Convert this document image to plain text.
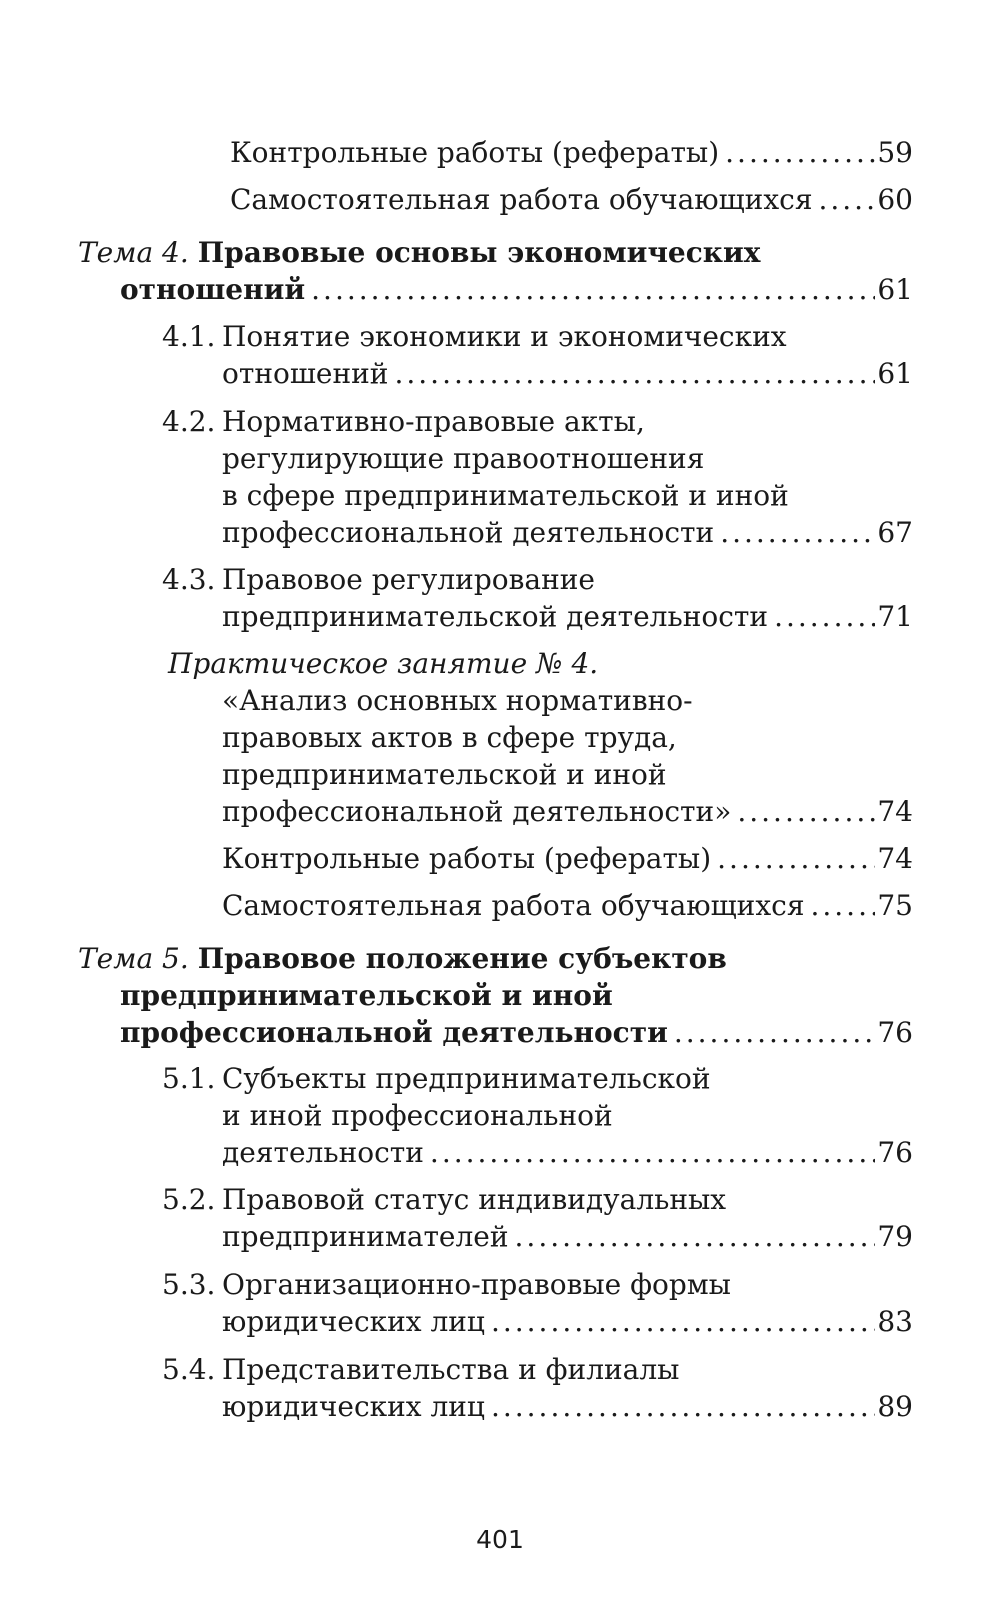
Контрольные работы (рефераты) .....	59
Самостоятельная работа обучающихся ..... 60
Тема 4. Правовые основы экономических
отношений .....	61
4.1. Понятие экономики и экономических
отношений .....	61
4.2. Нормативно-правовые акты,
регулирующие правоотношения
в сфере предпринимательской и иной
профессиональной деятельности .....	67
4.3. Правовое регулирование
предпринимательской деятельности .....	71
Практическое занятие № 4.
«Анализ основных нормативно-
правовых актов в сфере труда,
предпринимательской и иной
профессиональной деятельности» .....	74
Контрольные работы (рефераты) .....	74
Самостоятельная работа обучающихся .....	75
Тема 5. Правовое положение субъектов
предпринимательской и иной
профессиональной деятельности .....	76
5.1. Субъекты предпринимательской
и иной профессиональной
деятельности .....	76
5.2. Правовой статус индивидуальных
предпринимателей .....	79
5.3. Организационно-правовые формы
юридических лиц .....	83
5.4. Представительства и филиалы
юридических лиц .....	89
401
